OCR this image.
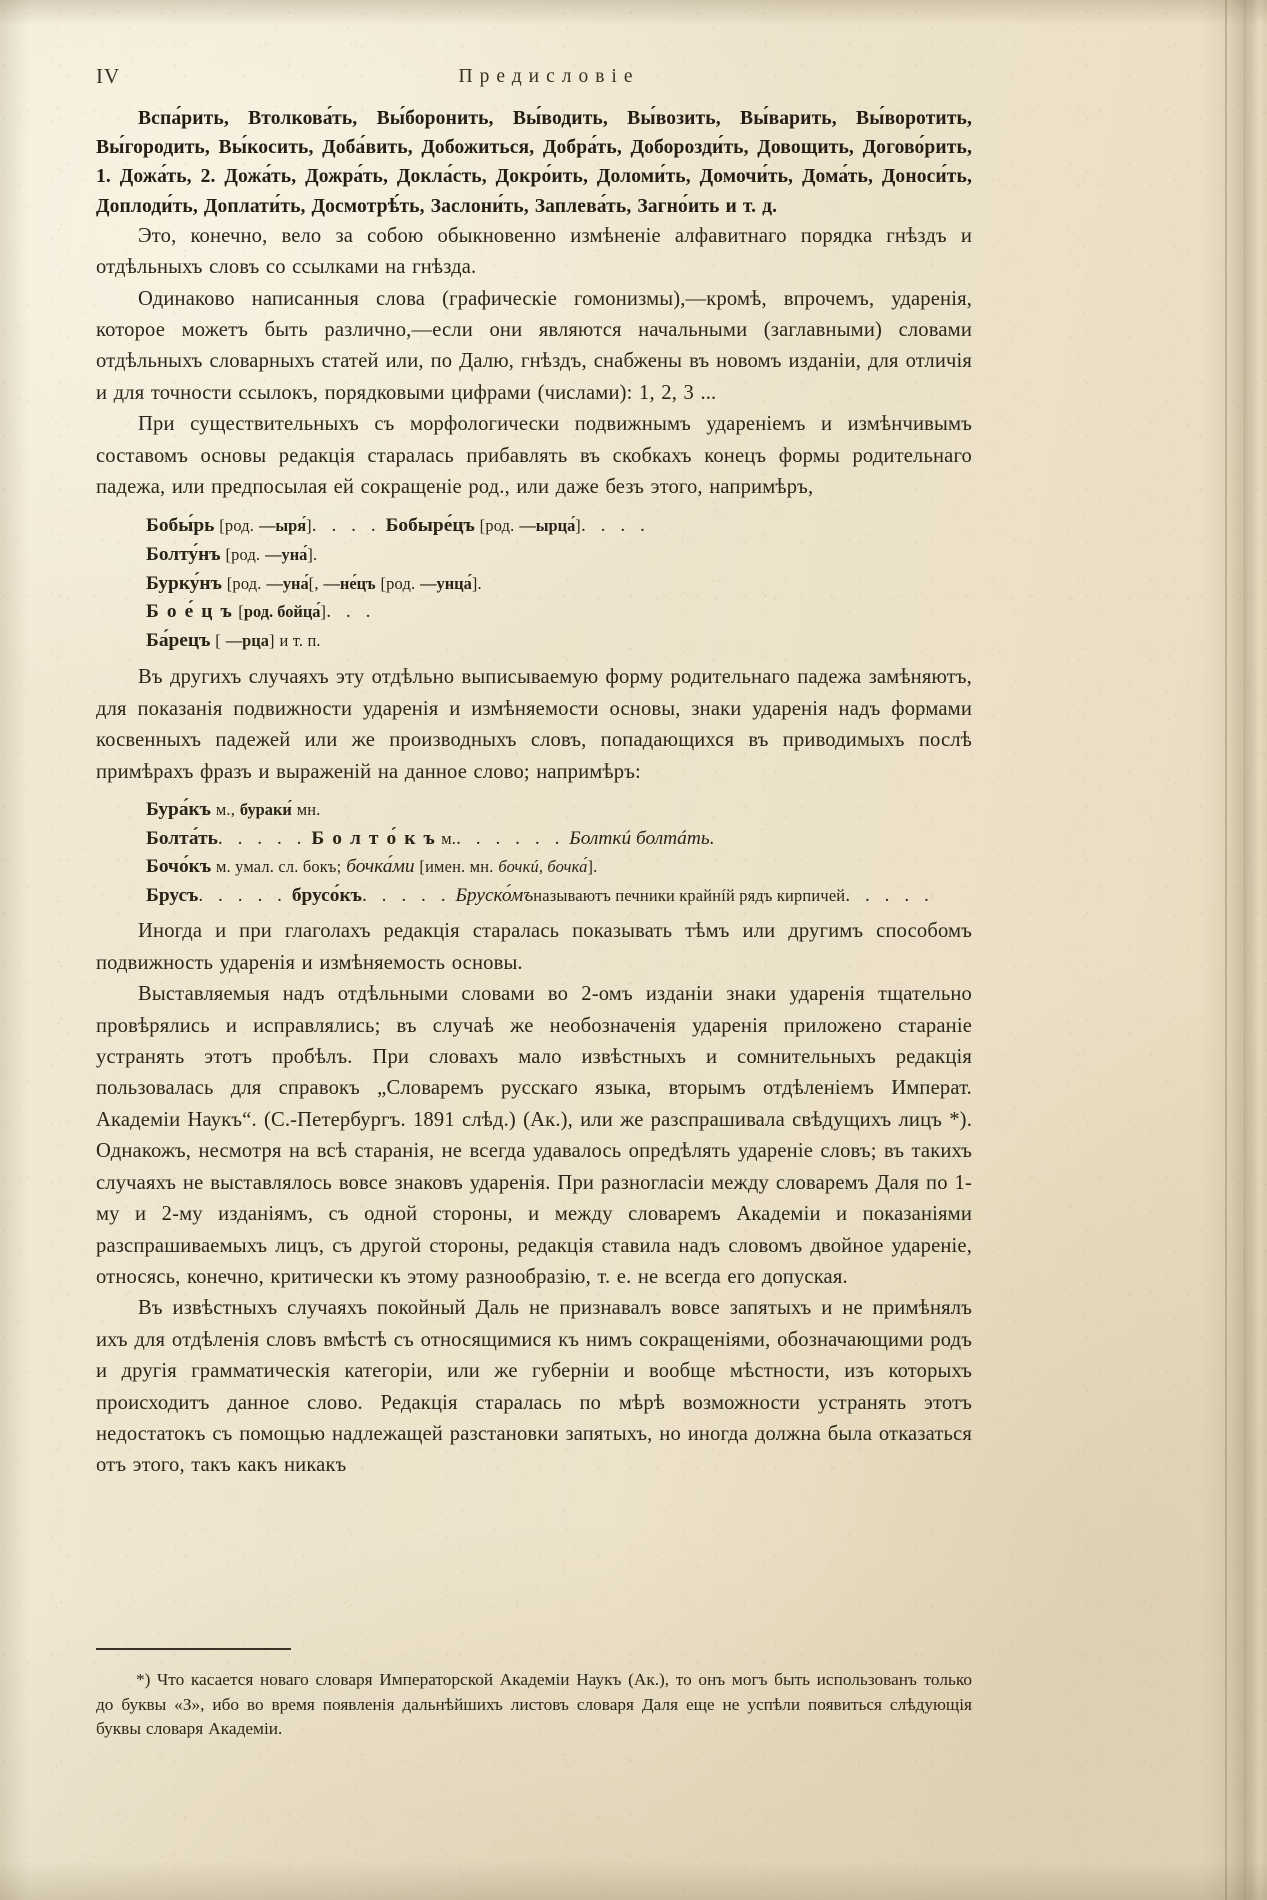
IV	Предисловіе

Вспа́рить, Втолкова́ть, Вы́боронить, Вы́водить, Вы́возить, Вы́варить, Вы́воротить, Вы́городить, Вы́косить, Доба́вить, Добожиться, Добра́ть, Доборозди́ть, Довощить, Догово́рить, 1. Дожа́ть, 2. Дожа́ть, Дожра́ть, Докла́сть, Докро́ить, Доломи́ть, Домочи́ть, Дома́ть, Доноси́ть, Доплоди́ть, Доплати́ть, Досмотрѣ́ть, Заслони́ть, Заплева́ть, Загно́ить и т. д.

Это, конечно, вело за собою обыкновенно измѣненіе алфавитнаго порядка гнѣздъ и отдѣльныхъ словъ со ссылками на гнѣзда.

Одинаково написанныя слова (графическіе гомонизмы),—кромѣ, впрочемъ, ударенія, которое можетъ быть различно,—если они являются начальными (заглавными) словами отдѣльныхъ словарныхъ статей или, по Далю, гнѣздъ, снабжены въ новомъ изданіи, для отличія и для точности ссылокъ, порядковыми цифрами (числами): 1, 2, 3 ...

При существительныхъ съ морфологически подвижнымъ удареніемъ и измѣнчивымъ составомъ основы редакція старалась прибавлять въ скобкахъ конецъ формы родительнаго падежа, или предпосылая ей сокращеніе род., или даже безъ этого, напримѣръ,

Бобы́рь [род. —ыря́]. . . . Бобыре́цъ [род. —ырца́]. . . .
Болту́нъ [род. —уна́].
Бурку́нъ [род. —уна́[, —не́цъ [род. —унца́].
Б о е́ ц ъ [род. бойца́]. . .
Ба́рецъ [ —рца] и т. п.

Въ другихъ случаяхъ эту отдѣльно выписываемую форму родительнаго падежа замѣняютъ, для показанія подвижности ударенія и измѣняемости основы, знаки ударенія надъ формами косвенныхъ падежей или же производныхъ словъ, попадающихся въ приводимыхъ послѣ примѣрахъ фразъ и выраженій на данное слово; напримѣръ:

Бура́къ м., бураки́ мн.
Болта́ть. . . . . Б о л т о́ к ъ м.. . . . . . Болткú болтáть.
Бочо́къ м. умал. сл. бокъ; бочка́ми [имен. мн. бочкú, бочка́].
Брусъ. . . . . брусо́къ. . . . . Бруско́мъназываютъ печники крайнíй рядъ кирпичей. . . . .

Иногда и при глаголахъ редакція старалась показывать тѣмъ или другимъ способомъ подвижность ударенія и измѣняемость основы.

Выставляемыя надъ отдѣльными словами во 2-омъ изданіи знаки ударенія тщательно провѣрялись и исправлялись; въ случаѣ же необозначенія ударенія приложено стараніе устранять этотъ пробѣлъ. При словахъ мало извѣстныхъ и сомнительныхъ редакція пользовалась для справокъ „Словаремъ русскаго языка, вторымъ отдѣленіемъ Императ. Академіи Наукъ“. (С.-Петербургъ. 1891 слѣд.) (Ак.), или же разспрашивала свѣдущихъ лицъ *). Однакожъ, несмотря на всѣ старанія, не всегда удавалось опредѣлять удареніе словъ; въ такихъ случаяхъ не выставлялось вовсе знаковъ ударенія. При разногласіи между словаремъ Даля по 1-му и 2-му изданіямъ, съ одной стороны, и между словаремъ Академіи и показаніями разспрашиваемыхъ лицъ, съ другой стороны, редакція ставила надъ словомъ двойное удареніе, относясь, конечно, критически къ этому разнообразію, т. е. не всегда его допуская.

Въ извѣстныхъ случаяхъ покойный Даль не признавалъ вовсе запятыхъ и не примѣнялъ ихъ для отдѣленія словъ вмѣстѣ съ относящимися къ нимъ сокращеніями, обозначающими родъ и другія грамматическія категоріи, или же губерніи и вообще мѣстности, изъ которыхъ происходитъ данное слово. Редакція старалась по мѣрѣ возможности устранять этотъ недостатокъ съ помощью надлежащей разстановки запятыхъ, но иногда должна была отказаться отъ этого, такъ какъ никакъ

*) Что касается новаго словаря Императорской Академіи Наукъ (Ак.), то онъ могъ быть использованъ только до буквы «З», ибо во время появленія дальнѣйшихъ листовъ словаря Даля еще не успѣли появиться слѣдующія буквы словаря Академіи.
